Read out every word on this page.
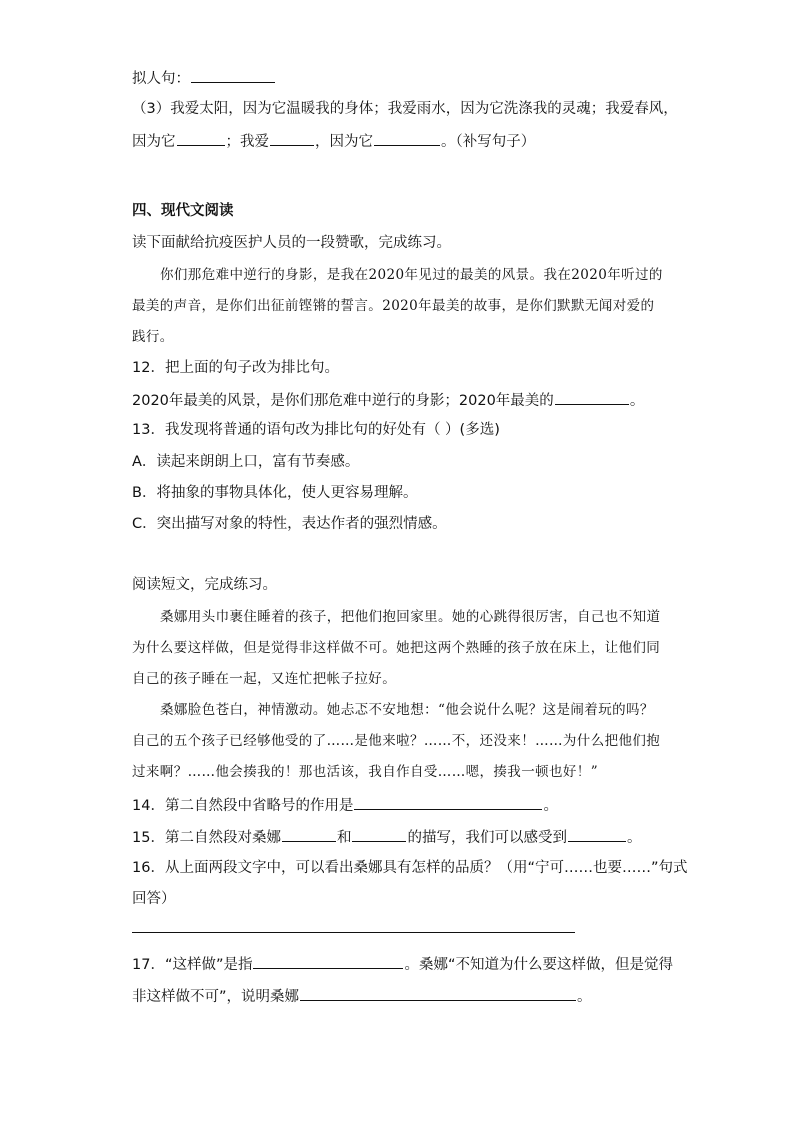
拟人句：
（3）我爱太阳，因为它温暖我的身体；我爱雨水，因为它洗涤我的灵魂；我爱春风，
因为它	；我爱	，因为它	。（补写句子）
四、现代文阅读
读下面献给抗疫医护人员的一段赞歌，完成练习。
你们那危难中逆行的身影，是我在2020年见过的最美的风景。我在2020年听过的
最美的声音，是你们出征前铿锵的誓言。2020年最美的故事，是你们默默无闻对爱的
践行。
12．把上面的句子改为排比句。
2020年最美的风景，是你们那危难中逆行的身影；2020年最美的	。
13．我发现将普通的语句改为排比句的好处有（ ）(多选)
A．读起来朗朗上口，富有节奏感。
B．将抽象的事物具体化，使人更容易理解。
C．突出描写对象的特性，表达作者的强烈情感。
阅读短文，完成练习。
桑娜用头巾裹住睡着的孩子，把他们抱回家里。她的心跳得很厉害，自己也不知道
为什么要这样做，但是觉得非这样做不可。她把这两个熟睡的孩子放在床上，让他们同
自己的孩子睡在一起，又连忙把帐子拉好。
桑娜脸色苍白，神情激动。她忐忑不安地想：“他会说什么呢？这是闹着玩的吗？
自己的五个孩子已经够他受的了……是他来啦？……不，还没来！……为什么把他们抱
过来啊？……他会揍我的！那也活该，我自作自受……嗯，揍我一顿也好！”
14．第二自然段中省略号的作用是	。
15．第二自然段对桑娜	和	的描写，我们可以感受到	。
16．从上面两段文字中，可以看出桑娜具有怎样的品质？（用“宁可……也要……”句式
回答）
17．“这样做”是指	。桑娜“不知道为什么要这样做，但是觉得
非这样做不可”，说明桑娜	。
